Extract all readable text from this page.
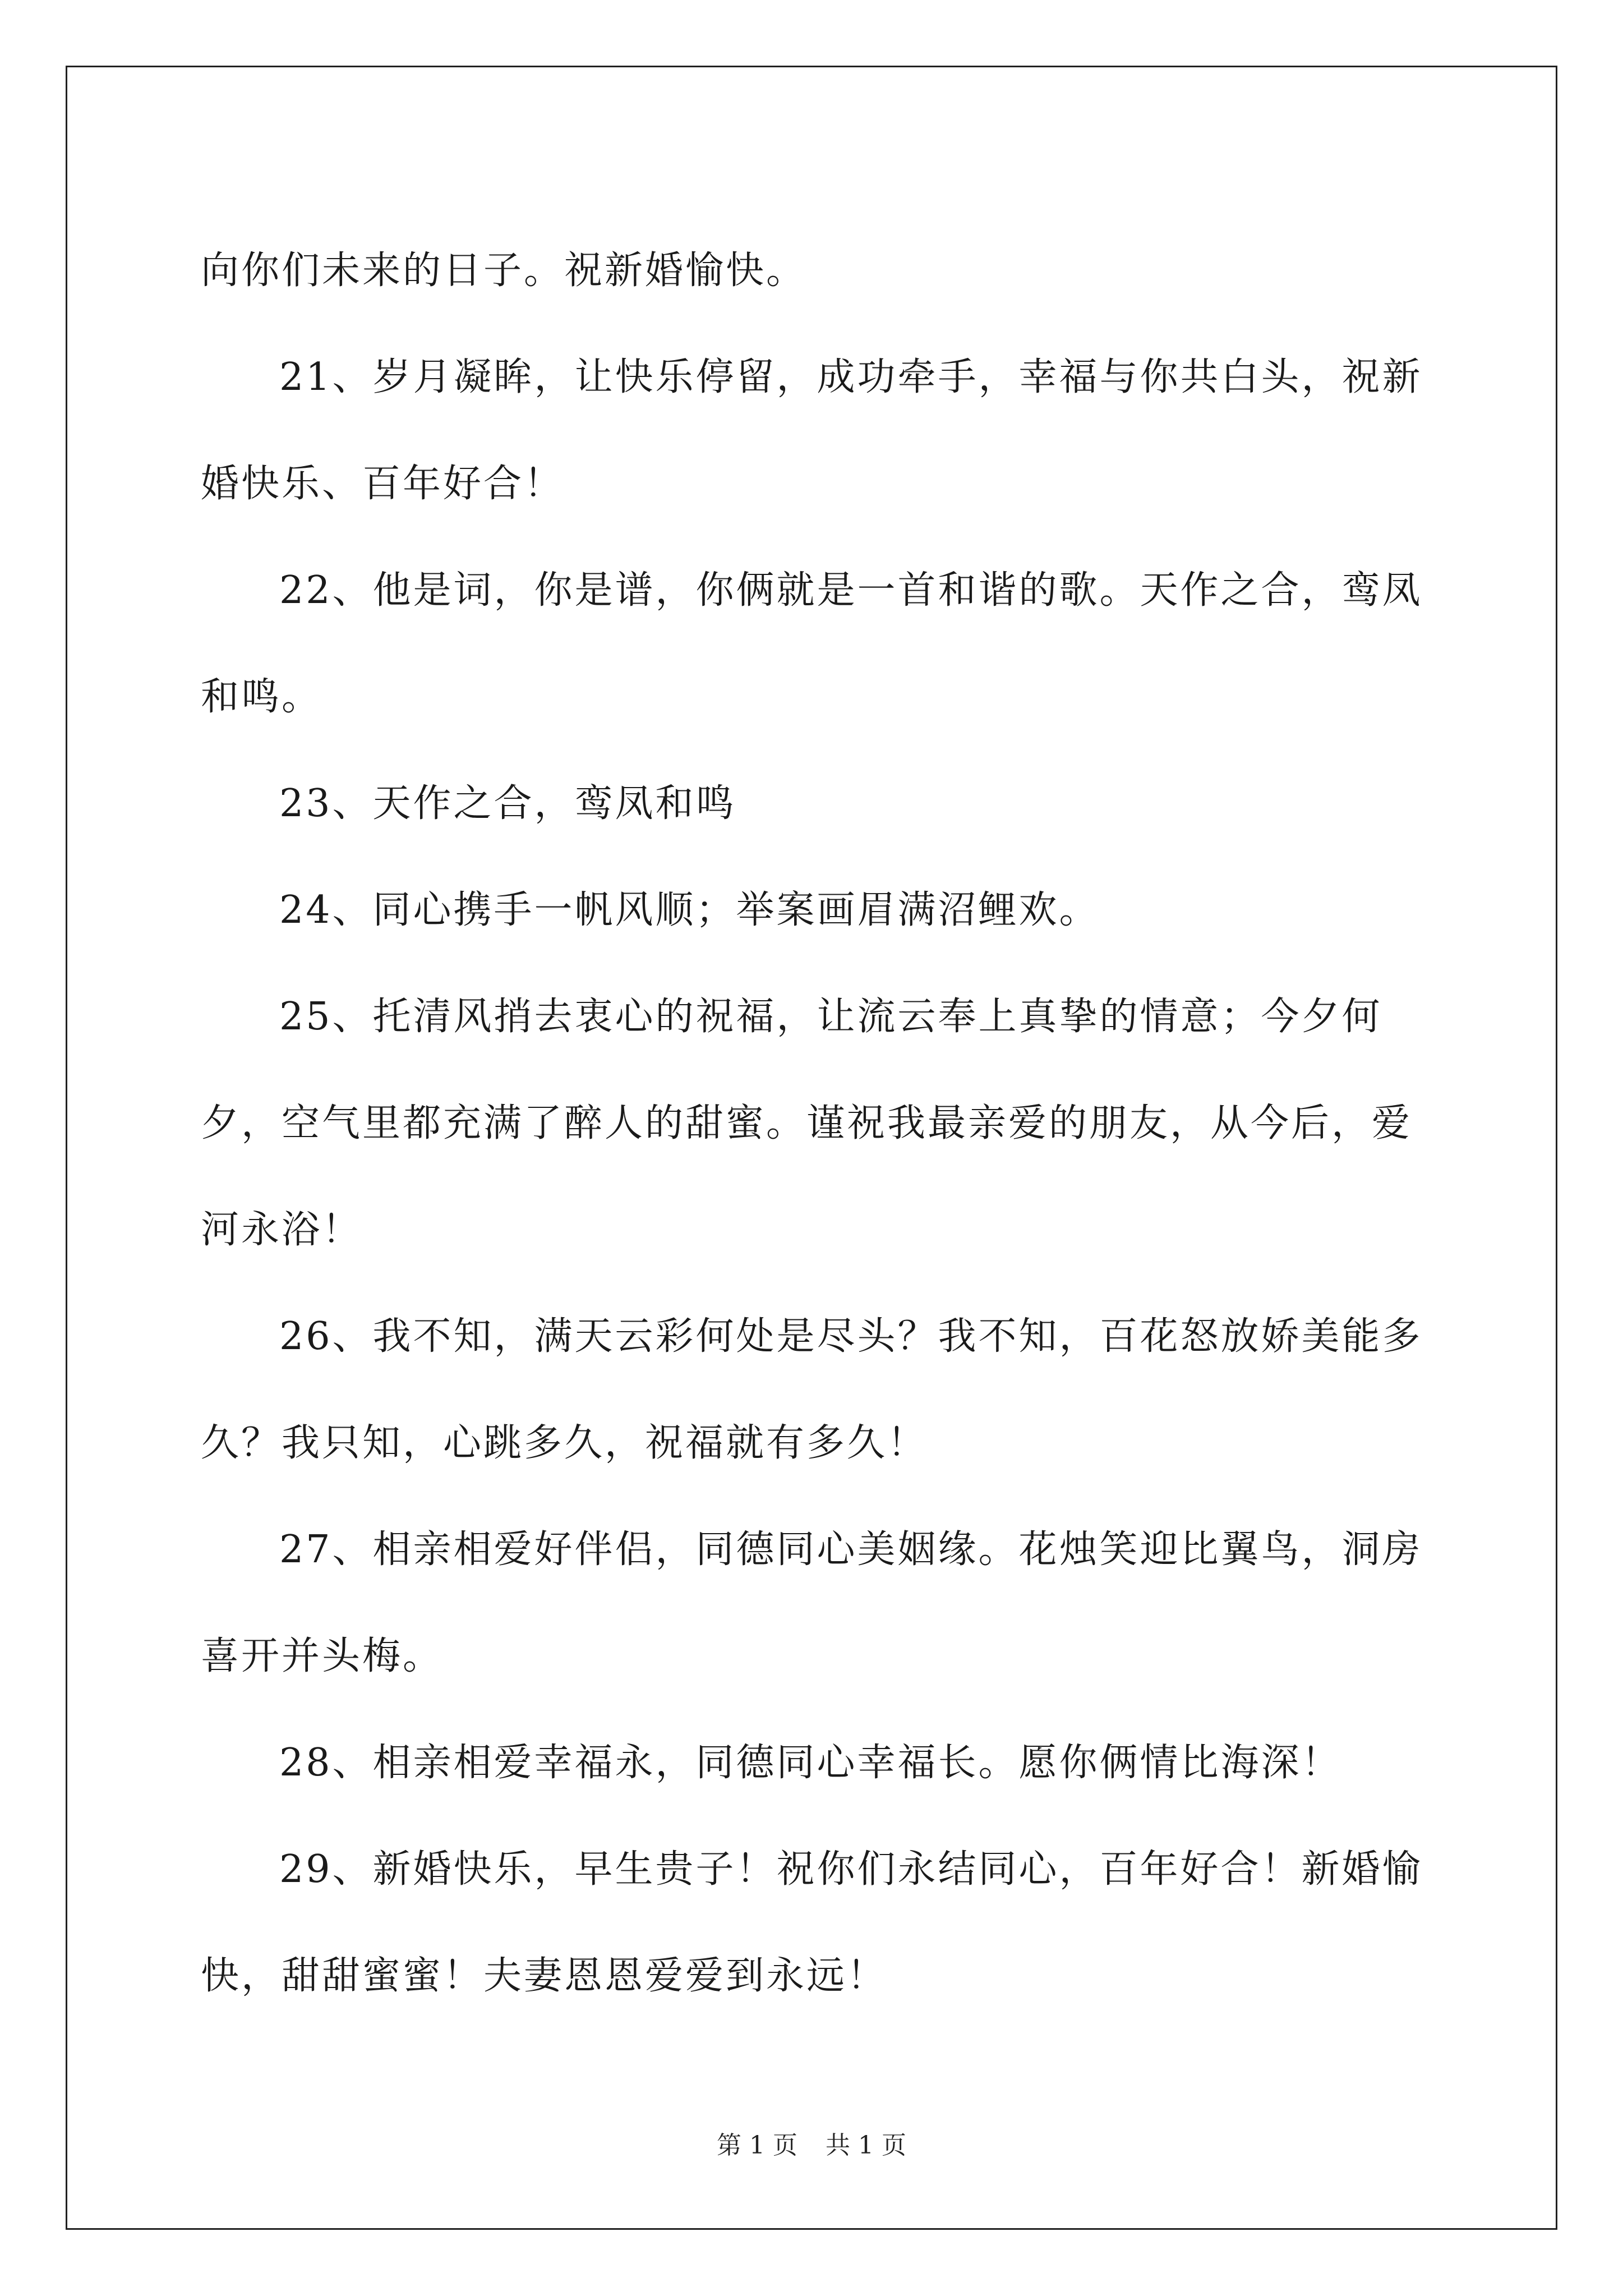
向你们未来的日子。祝新婚愉快。

21、岁月凝眸，让快乐停留，成功牵手，幸福与你共白头，祝新婚快乐、百年好合！

22、他是词，你是谱，你俩就是一首和谐的歌。天作之合，鸾凤和鸣。

23、天作之合，鸾凤和鸣

24、同心携手一帆风顺；举案画眉满沼鲤欢。

25、托清风捎去衷心的祝福，让流云奉上真挚的情意；今夕何夕，空气里都充满了醉人的甜蜜。谨祝我最亲爱的朋友，从今后，爱河永浴！

26、我不知，满天云彩何处是尽头？我不知，百花怒放娇美能多久？我只知，心跳多久，祝福就有多久！

27、相亲相爱好伴侣，同德同心美姻缘。花烛笑迎比翼鸟，洞房喜开并头梅。

28、相亲相爱幸福永，同德同心幸福长。愿你俩情比海深！

29、新婚快乐，早生贵子！祝你们永结同心，百年好合！新婚愉快，甜甜蜜蜜！夫妻恩恩爱爱到永远！

第 1 页 共 1 页
